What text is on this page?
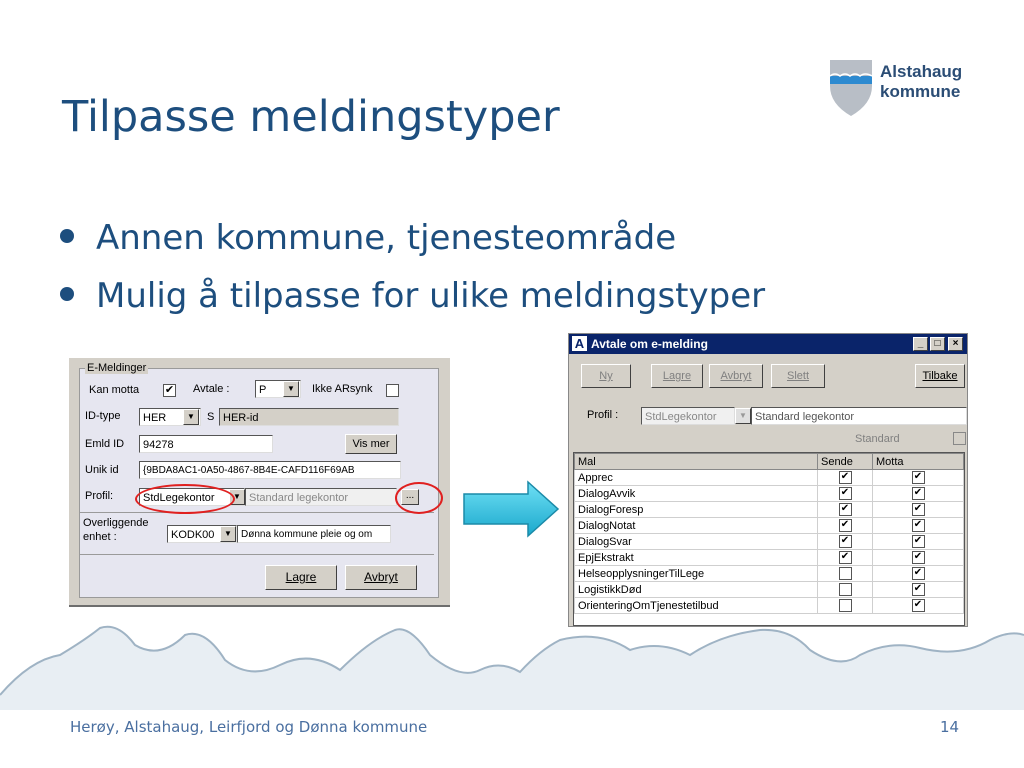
Tilpasse meldingstyper
Alstahaug
kommune
Annen kommune, tjenesteområde
Mulig å tilpasse for ulike meldingstyper
E-Meldinger
Kan motta ✔ Avtale :	P	▼	Ikke ARsynk
ID-type	HER	▼	S HER-id
Emld ID	94278	Vis mer
Unik id	{9BDA8AC1-0A50-4867-8B4E-CAFD116F69AB
Profil:	StdLegekontor	▼ Standard legekontor	...
Overliggende enhet :	KODK00	▼ Dønna kommune pleie og om
Lagre	Avbryt
A Avtale om e-melding	_	□	×
Ny	Lagre	Avbryt	Slett	Tilbake
Profil :	StdLegekontor	▼ Standard legekontor
Standard
Mal	Sende	Motta
Apprec	✔	✔
DialogAvvik	✔	✔
DialogForesp	✔	✔
DialogNotat	✔	✔
DialogSvar	✔	✔
EpjEkstrakt	✔	✔
HelseopplysningerTilLege		✔
LogistikkDød		✔
OrienteringOmTjenestetilbud		✔
Herøy, Alstahaug, Leirfjord og Dønna kommune	14
